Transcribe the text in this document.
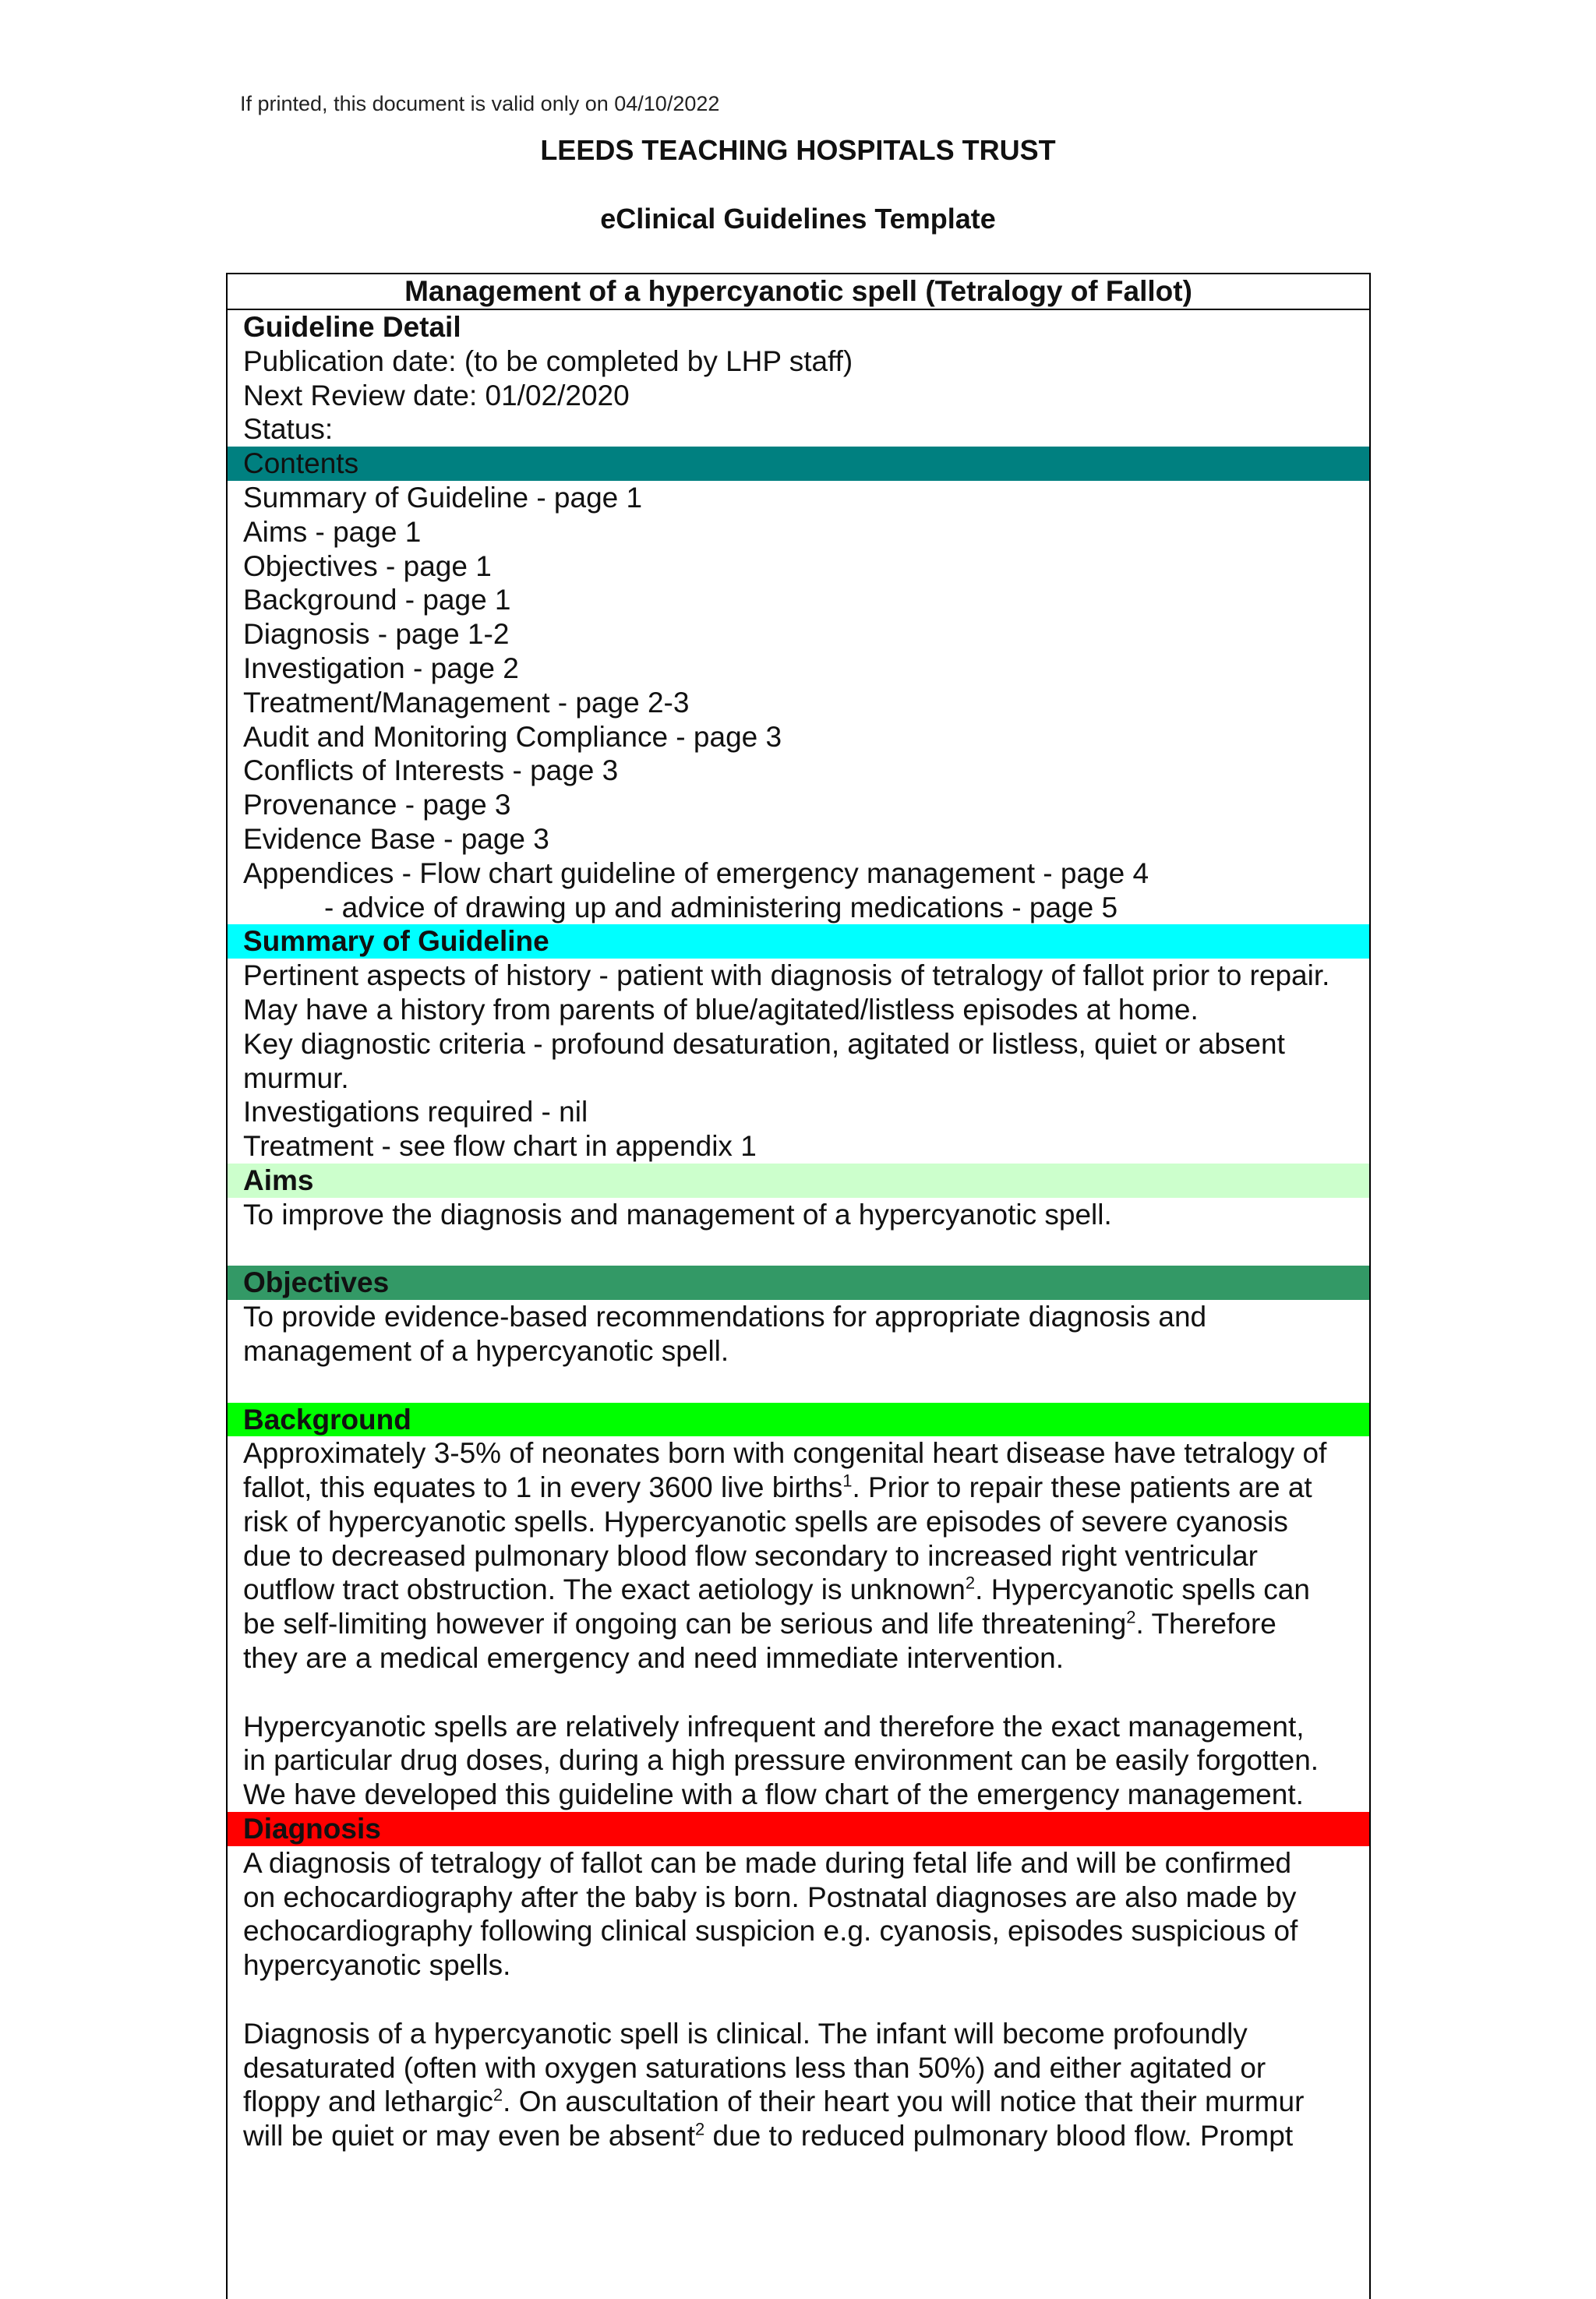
If printed, this document is valid only on 04/10/2022
LEEDS TEACHING HOSPITALS TRUST
eClinical Guidelines Template
Management of a hypercyanotic spell (Tetralogy of Fallot)
Guideline Detail
Publication date: (to be completed by LHP staff)
Next Review date: 01/02/2020
Status:
Contents
Summary of Guideline - page 1
Aims - page 1
Objectives - page 1
Background - page 1
Diagnosis - page 1-2
Investigation - page 2
Treatment/Management - page 2-3
Audit and Monitoring Compliance - page 3
Conflicts of Interests - page 3
Provenance - page 3
Evidence Base - page 3
Appendices - Flow chart guideline of emergency management - page 4
- advice of drawing up and administering medications - page 5
Summary of Guideline
Pertinent aspects of history - patient with diagnosis of tetralogy of fallot prior to repair.
May have a history from parents of blue/agitated/listless episodes at home.
Key diagnostic criteria - profound desaturation, agitated or listless, quiet or absent
murmur.
Investigations required - nil
Treatment - see flow chart in appendix 1
Aims
To improve the diagnosis and management of a hypercyanotic spell.
Objectives
To provide evidence-based recommendations for appropriate diagnosis and
management of a hypercyanotic spell.
Background
Approximately 3-5% of neonates born with congenital heart disease have tetralogy of
fallot, this equates to 1 in every 3600 live births$^1$. Prior to repair these patients are at
risk of hypercyanotic spells. Hypercyanotic spells are episodes of severe cyanosis
due to decreased pulmonary blood flow secondary to increased right ventricular
outflow tract obstruction. The exact aetiology is unknown$^2$. Hypercyanotic spells can
be self-limiting however if ongoing can be serious and life threatening$^2$. Therefore
they are a medical emergency and need immediate intervention.
Hypercyanotic spells are relatively infrequent and therefore the exact management,
in particular drug doses, during a high pressure environment can be easily forgotten.
We have developed this guideline with a flow chart of the emergency management.
Diagnosis
A diagnosis of tetralogy of fallot can be made during fetal life and will be confirmed
on echocardiography after the baby is born. Postnatal diagnoses are also made by
echocardiography following clinical suspicion e.g. cyanosis, episodes suspicious of
hypercyanotic spells.
Diagnosis of a hypercyanotic spell is clinical. The infant will become profoundly
desaturated (often with oxygen saturations less than 50%) and either agitated or
floppy and lethargic$^2$. On auscultation of their heart you will notice that their murmur
will be quiet or may even be absent$^2$ due to reduced pulmonary blood flow. Prompt
